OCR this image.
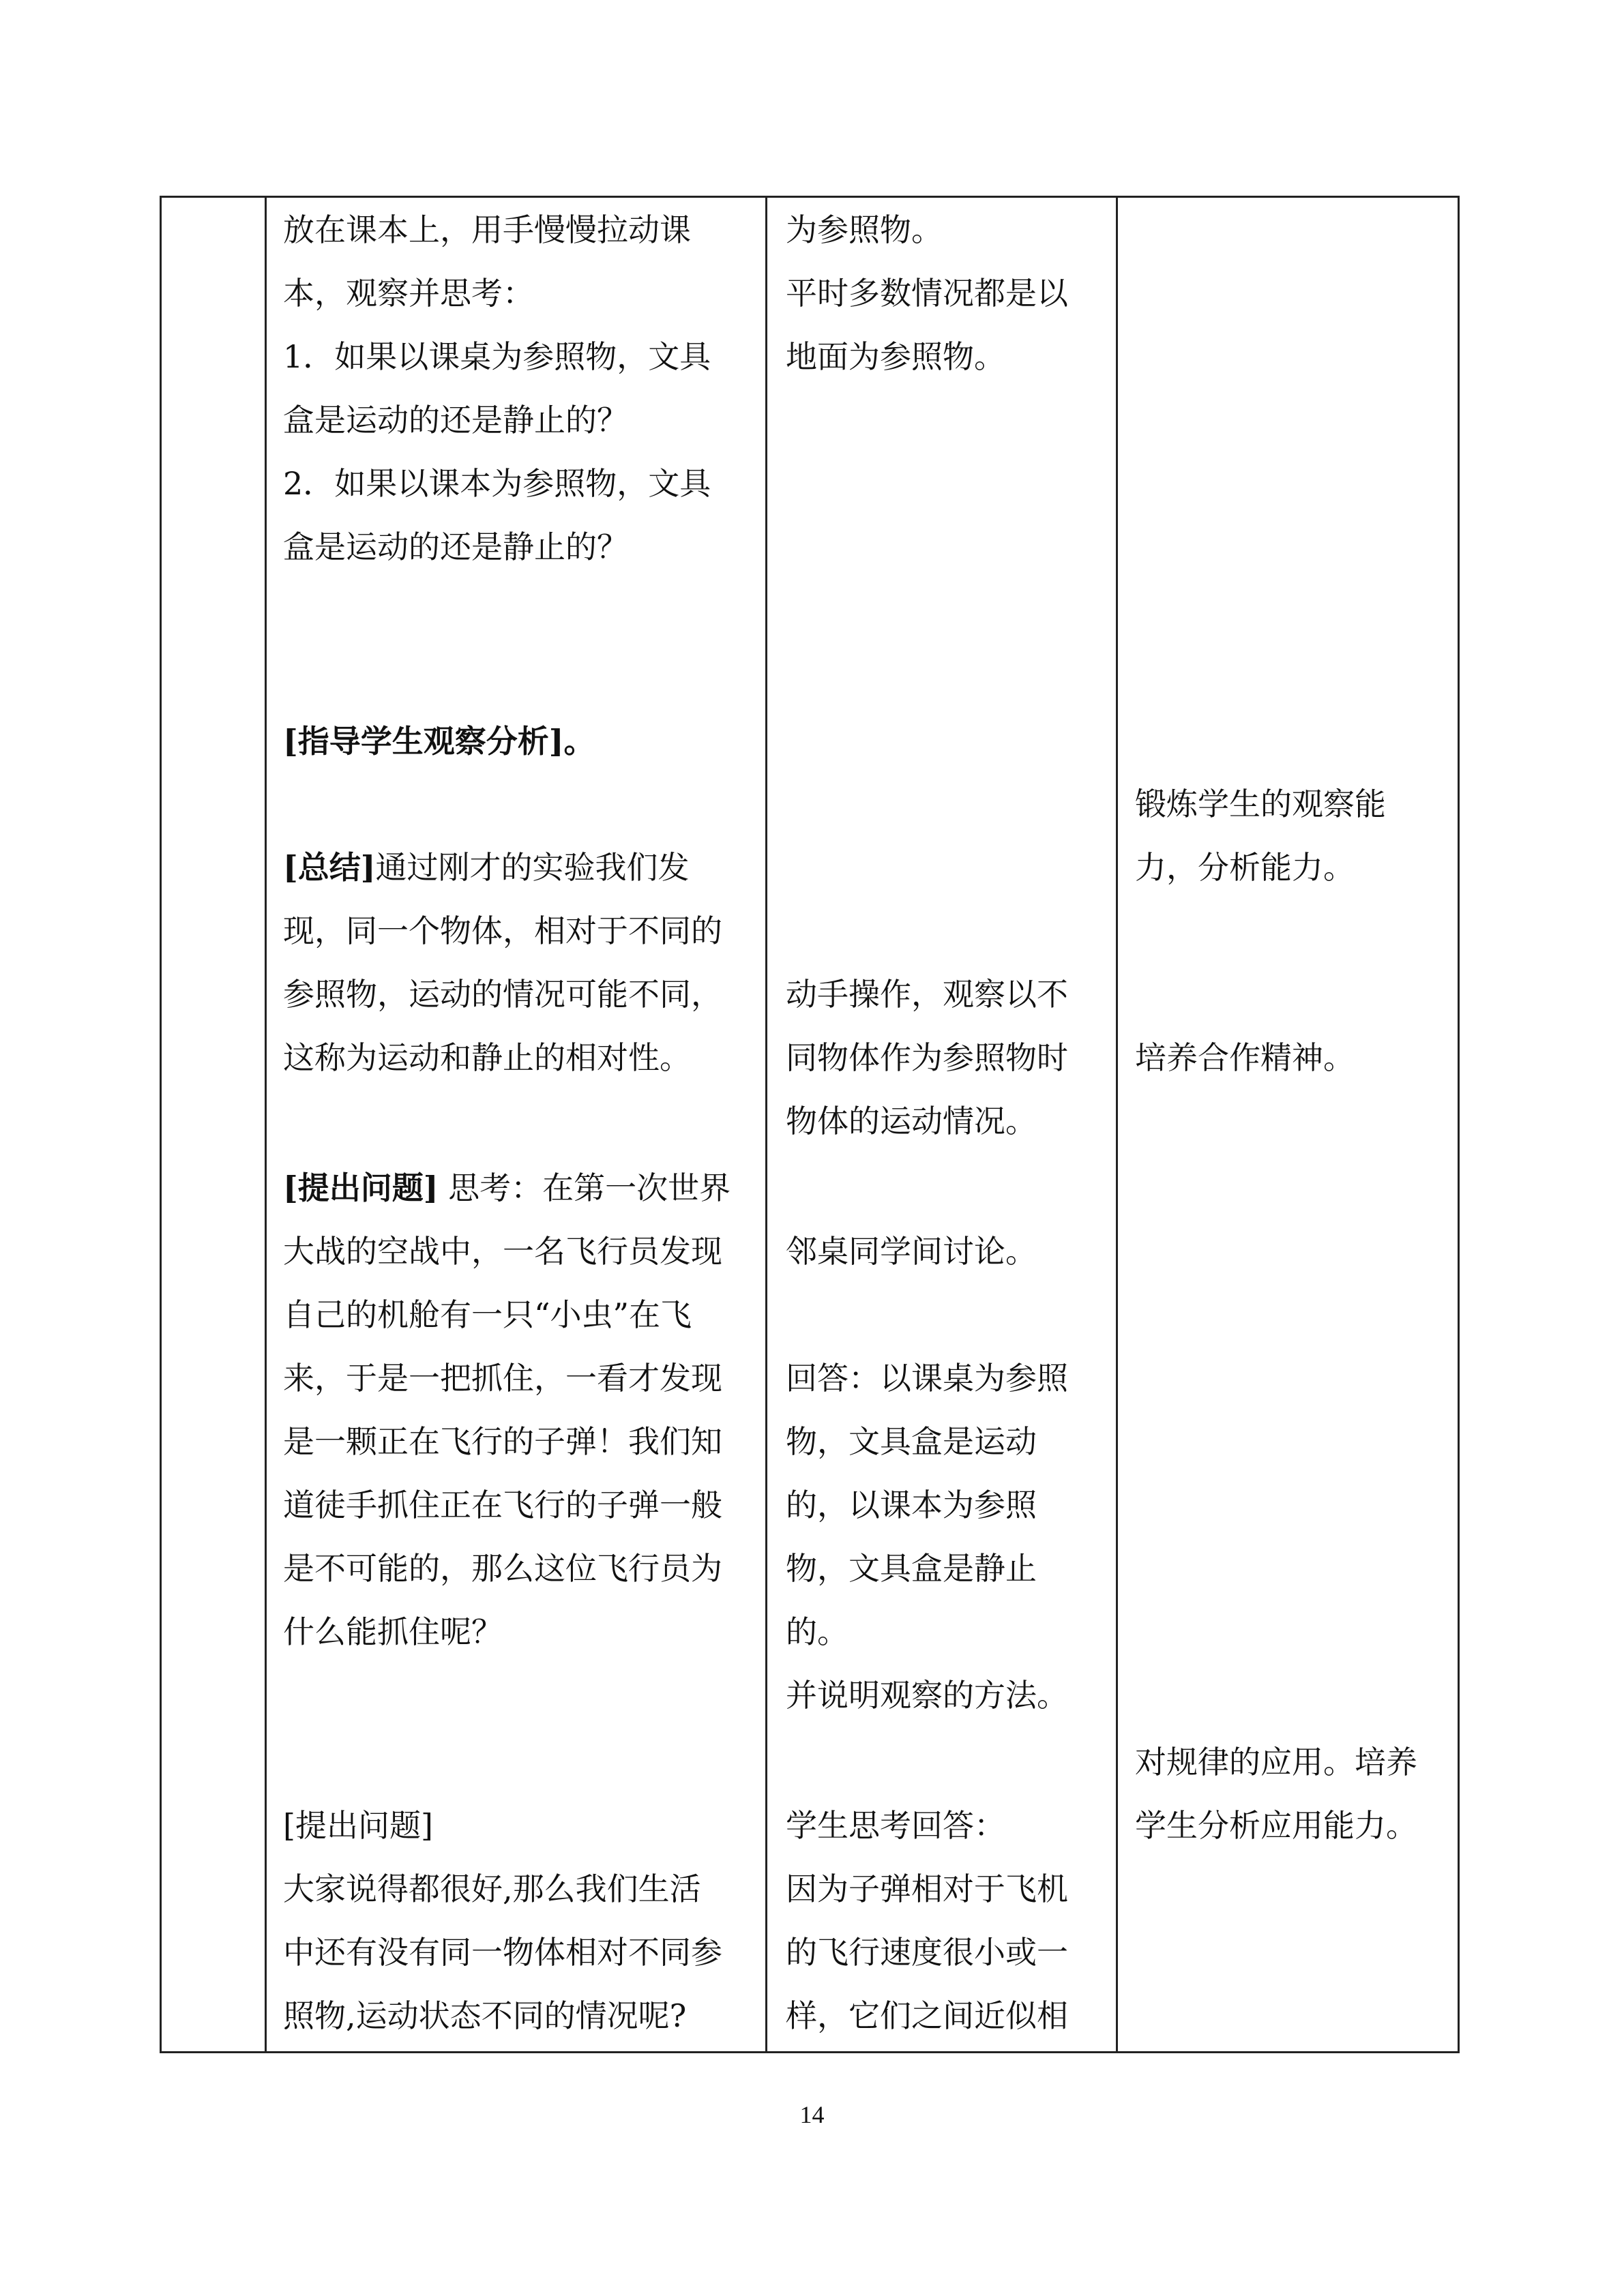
放在课本上，用手慢慢拉动课
本，观察并思考：
1．如果以课桌为参照物，文具
盒是运动的还是静止的？
2．如果以课本为参照物，文具
盒是运动的还是静止的？
[指导学生观察分析]。
[总结]通过刚才的实验我们发
现，同一个物体，相对于不同的
参照物，运动的情况可能不同，
这称为运动和静止的相对性。
[提出问题] 思考：在第一次世界
大战的空战中，一名飞行员发现
自己的机舱有一只“小虫”在飞
来，于是一把抓住，一看才发现
是一颗正在飞行的子弹！我们知
道徒手抓住正在飞行的子弹一般
是不可能的，那么这位飞行员为
什么能抓住呢？
[提出问题]
大家说得都很好,那么我们生活
中还有没有同一物体相对不同参
照物,运动状态不同的情况呢?
为参照物。
平时多数情况都是以
地面为参照物。
动手操作，观察以不
同物体作为参照物时
物体的运动情况。
邻桌同学间讨论。
回答：以课桌为参照
物，文具盒是运动
的，以课本为参照
物，文具盒是静止
的。
并说明观察的方法。
学生思考回答：
因为子弹相对于飞机
的飞行速度很小或一
样，它们之间近似相
锻炼学生的观察能
力，分析能力。
培养合作精神。
对规律的应用。培养
学生分析应用能力。
14
